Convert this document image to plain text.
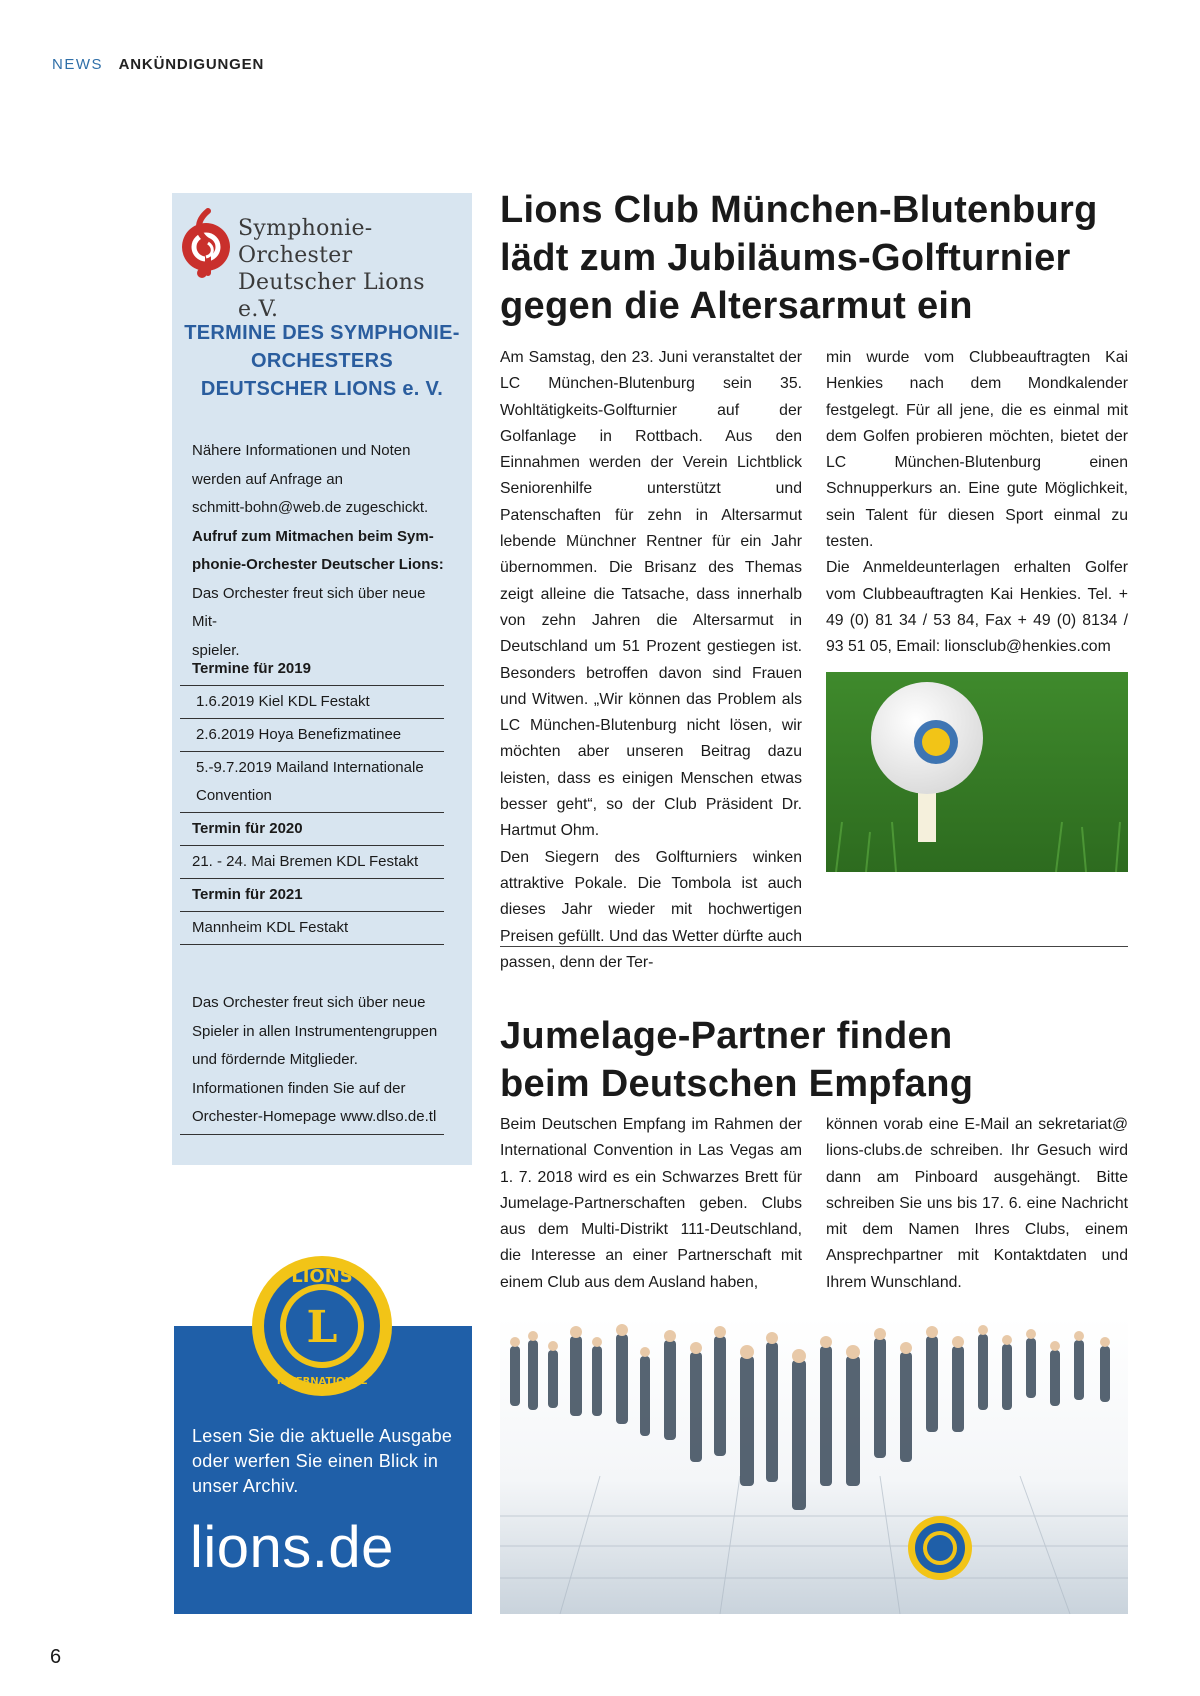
NEWS ANKÜNDIGUNGEN
Symphonie-Orchester
Deutscher Lions e.V.
TERMINE DES SYMPHONIE-
ORCHESTERS
DEUTSCHER LIONS e. V.
Nähere Informationen und Noten
werden auf Anfrage an
schmitt-bohn@web.de zugeschickt.
Aufruf zum Mitmachen beim Sym-
phonie-Orchester Deutscher Lions:
Das Orchester freut sich über neue Mit-
spieler.
Termine für 2019
1.6.2019 Kiel KDL Festakt
2.6.2019 Hoya Benefizmatinee
5.-9.7.2019 Mailand Internationale Convention
Termin für 2020
21. - 24. Mai Bremen KDL Festakt
Termin für 2021
Mannheim KDL Festakt
Das Orchester freut sich über neue
Spieler in allen Instrumentengruppen
und fördernde Mitglieder.
Informationen finden Sie auf der
Orchester-Homepage www.dlso.de.tl
Lesen Sie die aktuelle Ausgabe oder werfen Sie einen Blick in unser Archiv.
lions.de
L
LIONS
INTERNATIONAL
Lions Club München-Blutenburg
lädt zum Jubiläums-Golfturnier
gegen die Altersarmut ein

Am Samstag, den 23. Juni veranstaltet der LC München-Blutenburg sein 35. Wohltätigkeits-Golfturnier auf der Golfanlage in Rottbach. Aus den Einnahmen werden der Verein Lichtblick Seniorenhilfe unterstützt und Patenschaften für zehn in Altersarmut lebende Münchner Rentner für ein Jahr übernommen. Die Brisanz des Themas zeigt alleine die Tatsache, dass innerhalb von zehn Jahren die Altersarmut in Deutschland um 51 Prozent gestiegen ist. Besonders betroffen davon sind Frauen und Witwen. „Wir können das Problem als LC München-Blutenburg nicht lösen, wir möchten aber unseren Beitrag dazu leisten, dass es einigen Menschen etwas besser geht“, so der Club Präsident Dr. Hartmut Ohm.

Den Siegern des Golfturniers winken attraktive Pokale. Die Tombola ist auch dieses Jahr wieder mit hochwertigen Preisen gefüllt. Und das Wetter dürfte auch passen, denn der Ter-

min wurde vom Clubbeauftragten Kai Henkies nach dem Mondkalender festgelegt. Für all jene, die es einmal mit dem Golfen probieren möchten, bietet der LC München-Blutenburg einen Schnupperkurs an. Eine gute Möglichkeit, sein Talent für diesen Sport einmal zu testen.

Die Anmeldeunterlagen erhalten Golfer vom Clubbeauftragten Kai Henkies. Tel. + 49 (0) 81 34 / 53 84, Fax + 49 (0) 8134 / 93 51 05, Email: lionsclub@henkies.com

Jumelage-Partner finden
beim Deutschen Empfang

Beim Deutschen Empfang im Rahmen der International Convention in Las Vegas am 1. 7. 2018 wird es ein Schwarzes Brett für Jumelage-Partnerschaften geben. Clubs aus dem Multi-Distrikt 111-Deutschland, die Interesse an einer Partnerschaft mit einem Club aus dem Ausland haben,

können vorab eine E-Mail an sekretariat@ lions-clubs.de schreiben. Ihr Gesuch wird dann am Pinboard ausgehängt. Bitte schreiben Sie uns bis 17. 6. eine Nachricht mit dem Namen Ihres Clubs, einem Ansprechpartner mit Kontaktdaten und Ihrem Wunschland.

6
